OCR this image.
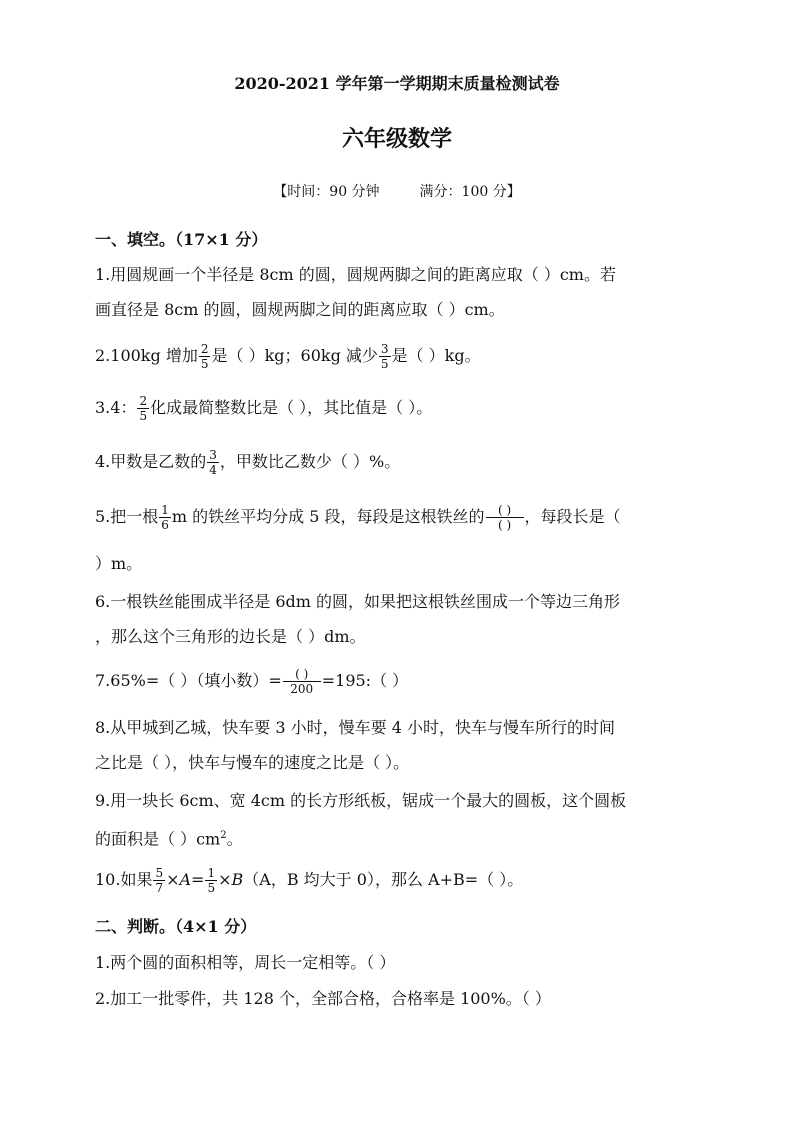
2020-2021 学年第一学期期末质量检测试卷
六年级数学
【时间：90 分钟	满分：100 分】
一、填空。（17×1 分）
1.用圆规画一个半径是 8cm 的圆，圆规两脚之间的距离应取（ ）cm。若
画直径是 8cm 的圆，圆规两脚之间的距离应取（ ）cm。
2.100kg 增加 $\frac{2}{5}$ 是（ ）kg；60kg 减少 $\frac{3}{5}$ 是（ ）kg。
3.4： $\frac{2}{5}$ 化成最简整数比是（ ），其比值是（ ）。
4.甲数是乙数的 $\frac{3}{4}$ ，甲数比乙数少（ ）%。
5.把一根 $\frac{1}{6}$ m 的铁丝平均分成 5 段，每段是这根铁丝的 $\frac{( )}{( )}$ ，每段长是（
）m。
6.一根铁丝能围成半径是 6dm 的圆，如果把这根铁丝围成一个等边三角形
，那么这个三角形的边长是（ ）dm。
7.65%=（ ）（填小数）= $\frac{( )}{200}$ =195:（ ）
8.从甲城到乙城，快车要 3 小时，慢车要 4 小时，快车与慢车所行的时间
之比是（ ），快车与慢车的速度之比是（ ）。
9.用一块长 6cm、宽 4cm 的长方形纸板，锯成一个最大的圆板，这个圆板
的面积是（ ）$cm^2$。
10.如果 $\frac{5}{7} \times A= \frac{1}{5} \times B(A$，B 均大于 0），那么 A+B=（ ）。
二、判断。（4×1 分）
1.两个圆的面积相等，周长一定相等。（ ）
2.加工一批零件，共 128 个，全部合格，合格率是 100%。（ ）
